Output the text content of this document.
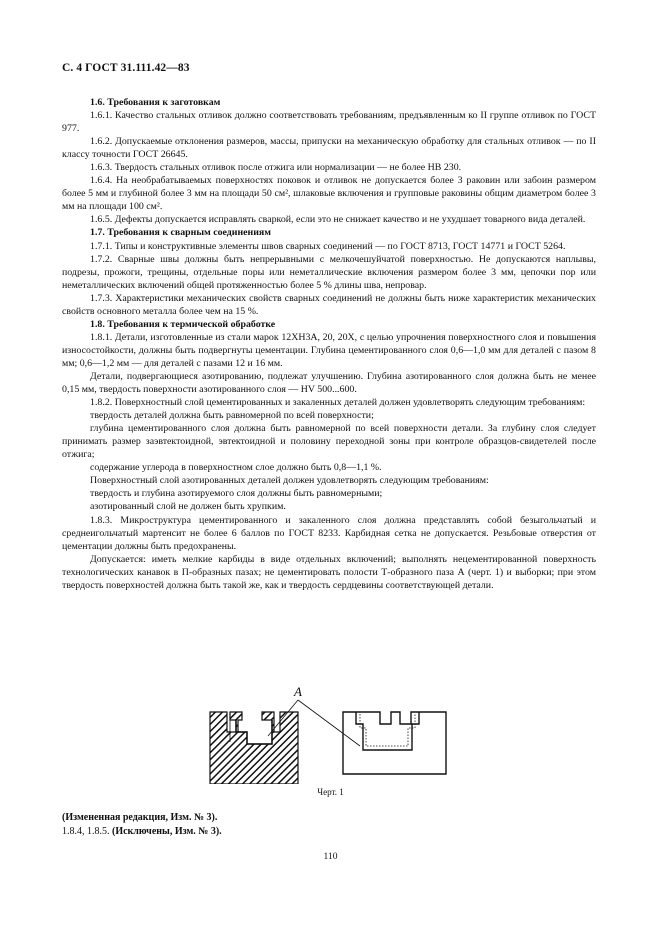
С. 4 ГОСТ 31.111.42—83

1.6. Требования к заготовкам

1.6.1. Качество стальных отливок должно соответствовать требованиям, предъявленным ко II группе отливок по ГОСТ 977.

1.6.2. Допускаемые отклонения размеров, массы, припуски на механическую обработку для стальных отливок — по II классу точности ГОСТ 26645.

1.6.3. Твердость стальных отливок после отжига или нормализации — не более НВ 230.

1.6.4. На необрабатываемых поверхностях поковок и отливок не допускается более 3 раковин или забоин размером более 5 мм и глубиной более 3 мм на площади 50 см², шлаковые включения и групповые раковины общим диаметром более 3 мм на площади 100 см².

1.6.5. Дефекты допускается исправлять сваркой, если это не снижает качество и не ухудшает товарного вида деталей.

1.7. Требования к сварным соединениям

1.7.1. Типы и конструктивные элементы швов сварных соединений — по ГОСТ 8713, ГОСТ 14771 и ГОСТ 5264.

1.7.2. Сварные швы должны быть непрерывными с мелкочешуйчатой поверхностью. Не допускаются наплывы, подрезы, прожоги, трещины, отдельные поры или неметаллические включения размером более 3 мм, цепочки пор или неметаллических включений общей протяженностью более 5 % длины шва, непровар.

1.7.3. Характеристики механических свойств сварных соединений не должны быть ниже характеристик механических свойств основного металла более чем на 15 %.

1.8. Требования к термической обработке

1.8.1. Детали, изготовленные из стали марок 12ХН3А, 20, 20Х, с целью упрочнения поверхностного слоя и повышения износостойкости, должны быть подвергнуты цементации. Глубина цементированного слоя 0,6—1,0 мм для деталей с пазом 8 мм; 0,6—1,2 мм — для деталей с пазами 12 и 16 мм.

Детали, подвергающиеся азотированию, подлежат улучшению. Глубина азотированного слоя должна быть не менее 0,15 мм, твердость поверхности азотированного слоя — HV 500...600.

1.8.2. Поверхностный слой цементированных и закаленных деталей должен удовлетворять следующим требованиям:

твердость деталей должна быть равномерной по всей поверхности;

глубина цементированного слоя должна быть равномерной по всей поверхности детали. За глубину слоя следует принимать размер заэвтектоидной, эвтектоидной и половину переходной зоны при контроле образцов-свидетелей после отжига;

содержание углерода в поверхностном слое должно быть 0,8—1,1 %.

Поверхностный слой азотированных деталей должен удовлетворять следующим требованиям:

твердость и глубина азотируемого слоя должны быть равномерными;

азотированный слой не должен быть хрупким.

1.8.3. Микроструктура цементированного и закаленного слоя должна представлять собой безыгольчатый и среднеигольчатый мартенсит не более 6 баллов по ГОСТ 8233. Карбидная сетка не допускается. Резьбовые отверстия от цементации должны быть предохранены.

Допускается: иметь мелкие карбиды в виде отдельных включений; выполнять нецементированной поверхность технологических канавок в П-образных пазах; не цементировать полости Т-образного паза А (черт. 1) и выборки; при этом твердость поверхностей должна быть такой же, как и твердость сердцевины соответствующей детали.

А
Черт. 1
(Измененная редакция, Изм. № 3).
1.8.4, 1.8.5. (Исключены, Изм. № 3).
110
